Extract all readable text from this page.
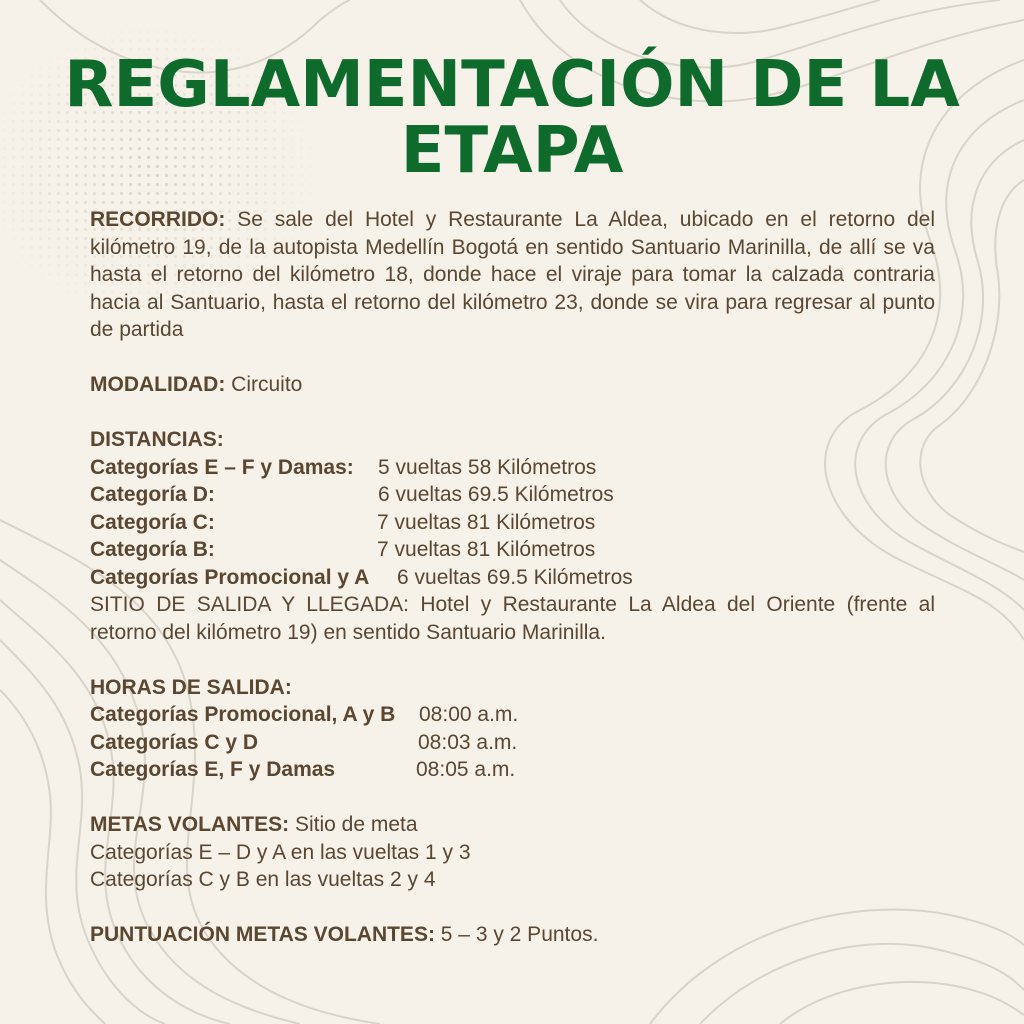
REGLAMENTACIÓN DE LA
ETAPA

RECORRIDO: Se sale del Hotel y Restaurante La Aldea, ubicado en el retorno del kilómetro 19, de la autopista Medellín Bogotá en sentido Santuario Marinilla, de allí se va hasta el retorno del kilómetro 18, donde hace el viraje para tomar la calzada contraria hacia al Santuario, hasta el retorno del kilómetro 23, donde se vira para regresar al punto de partida

MODALIDAD: Circuito

DISTANCIAS:

Categorías E – F y Damas: 5 vueltas 58 Kilómetros
Categoría D:	6 vueltas 69.5 Kilómetros
Categoría C:	7 vueltas 81 Kilómetros
Categoría B:	7 vueltas 81 Kilómetros
Categorías Promocional y A 6 vueltas 69.5 Kilómetros

SITIO DE SALIDA Y LLEGADA: Hotel y Restaurante La Aldea del Oriente (frente al retorno del kilómetro 19) en sentido Santuario Marinilla.

HORAS DE SALIDA:

Categorías Promocional, A y B 08:00 a.m.
Categorías C y D	08:03 a.m.
Categorías E, F y Damas	08:05 a.m.

METAS VOLANTES: Sitio de meta

Categorías E – D y A en las vueltas 1 y 3

Categorías C y B en las vueltas 2 y 4

PUNTUACIÓN METAS VOLANTES: 5 – 3 y 2 Puntos.
